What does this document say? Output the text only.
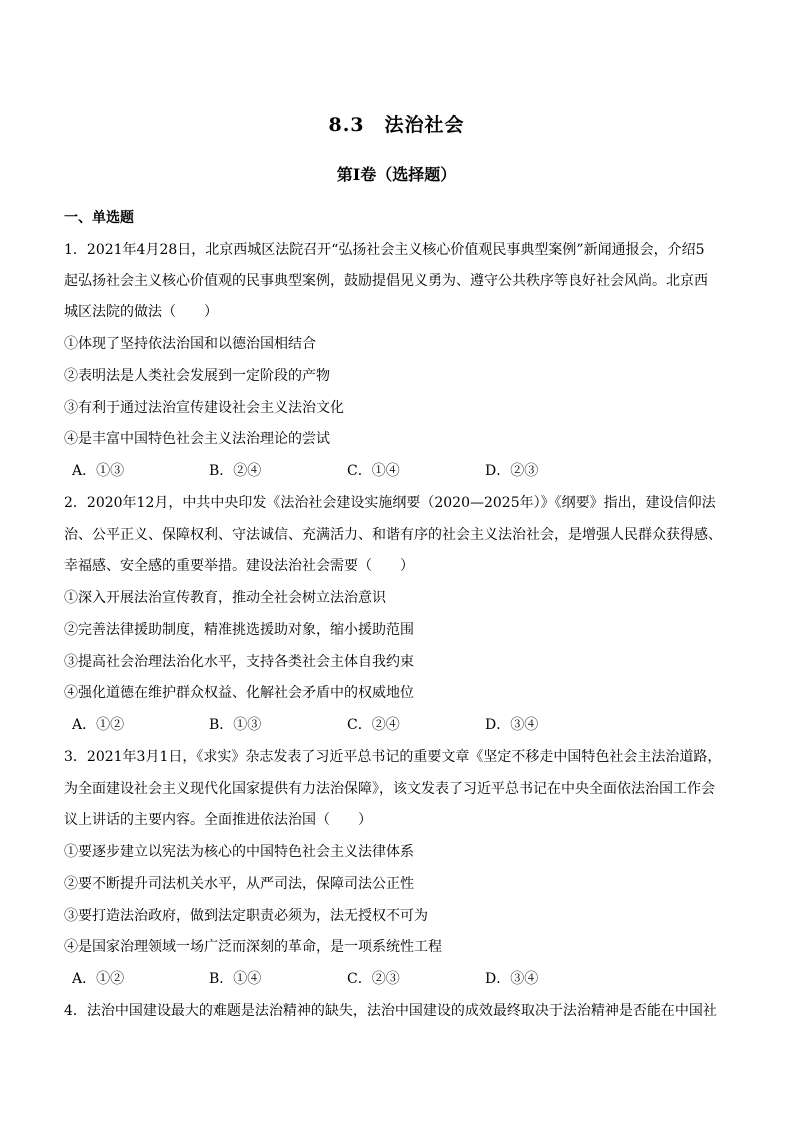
8.3　法治社会
第I卷（选择题）
一、单选题
1．2021年4月28日，北京西城区法院召开“弘扬社会主义核心价值观民事典型案例”新闻通报会，介绍5
起弘扬社会主义核心价值观的民事典型案例，鼓励提倡见义勇为、遵守公共秩序等良好社会风尚。北京西
城区法院的做法（　　）
①体现了坚持依法治国和以德治国相结合
②表明法是人类社会发展到一定阶段的产物
③有利于通过法治宣传建设社会主义法治文化
④是丰富中国特色社会主义法治理论的尝试
A．①③	B．②④	C．①④	D．②③
2．2020年12月，中共中央印发《法治社会建设实施纲要（2020—2025年）》《纲要》指出，建设信仰法
治、公平正义、保障权利、守法诚信、充满活力、和谐有序的社会主义法治社会，是增强人民群众获得感、
幸福感、安全感的重要举措。建设法治社会需要（　　）
①深入开展法治宣传教育，推动全社会树立法治意识
②完善法律援助制度，精准挑选援助对象，缩小援助范围
③提高社会治理法治化水平，支持各类社会主体自我约束
④强化道德在维护群众权益、化解社会矛盾中的权威地位
A．①②	B．①③	C．②④	D．③④
3．2021年3月1日，《求实》杂志发表了习近平总书记的重要文章《坚定不移走中国特色社会主法治道路，
为全面建设社会主义现代化国家提供有力法治保障》，该文发表了习近平总书记在中央全面依法治国工作会
议上讲话的主要内容。全面推进依法治国（　　）
①要逐步建立以宪法为核心的中国特色社会主义法律体系
②要不断提升司法机关水平，从严司法，保障司法公正性
③要打造法治政府，做到法定职责必须为，法无授权不可为
④是国家治理领域一场广泛而深刻的革命，是一项系统性工程
A．①②	B．①④	C．②③	D．③④
4．法治中国建设最大的难题是法治精神的缺失，法治中国建设的成效最终取决于法治精神是否能在中国社
